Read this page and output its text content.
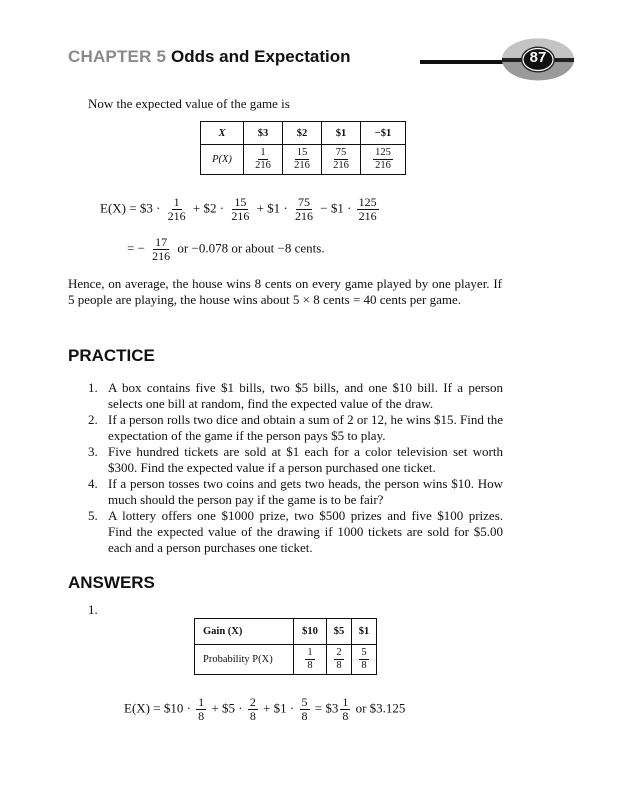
CHAPTER 5 Odds and Expectation	87
Now the expected value of the game is
X	$3	$2	$1	−$1
P(X)	$\frac{1}{216}$	$\frac{15}{216}$	$\frac{75}{216}$	$\frac{125}{216}$
E(X) = $3 · $\frac{1}{216}$ + $2 · $\frac{15}{216}$ + $1 · $\frac{75}{216}$ − $1 · $\frac{125}{216}$
= − $\frac{17}{216}$ or −0.078 or about −8 cents.
Hence, on average, the house wins 8 cents on every game played by one player. If 5 people are playing, the house wins about 5 × 8 cents = 40 cents per game.
PRACTICE
1. A box contains five $1 bills, two $5 bills, and one $10 bill. If a person selects one bill at random, find the expected value of the draw.
2. If a person rolls two dice and obtain a sum of 2 or 12, he wins $15. Find the expectation of the game if the person pays $5 to play.
3. Five hundred tickets are sold at $1 each for a color television set worth $300. Find the expected value if a person purchased one ticket.
4. If a person tosses two coins and gets two heads, the person wins $10. How much should the person pay if the game is to be fair?
5. A lottery offers one $1000 prize, two $500 prizes and five $100 prizes. Find the expected value of the drawing if 1000 tickets are sold for $5.00 each and a person purchases one ticket.
ANSWERS
1.
Gain (X)	$10	$5	$1
Probability P(X)	$\frac{1}{8}$	$\frac{2}{8}$	$\frac{5}{8}$
E(X) = $10 · $\frac{1}{8}$ + $5 · $\frac{2}{8}$ + $1 · $\frac{5}{8}$ = $3 $\frac{1}{8}$ or $3.125
